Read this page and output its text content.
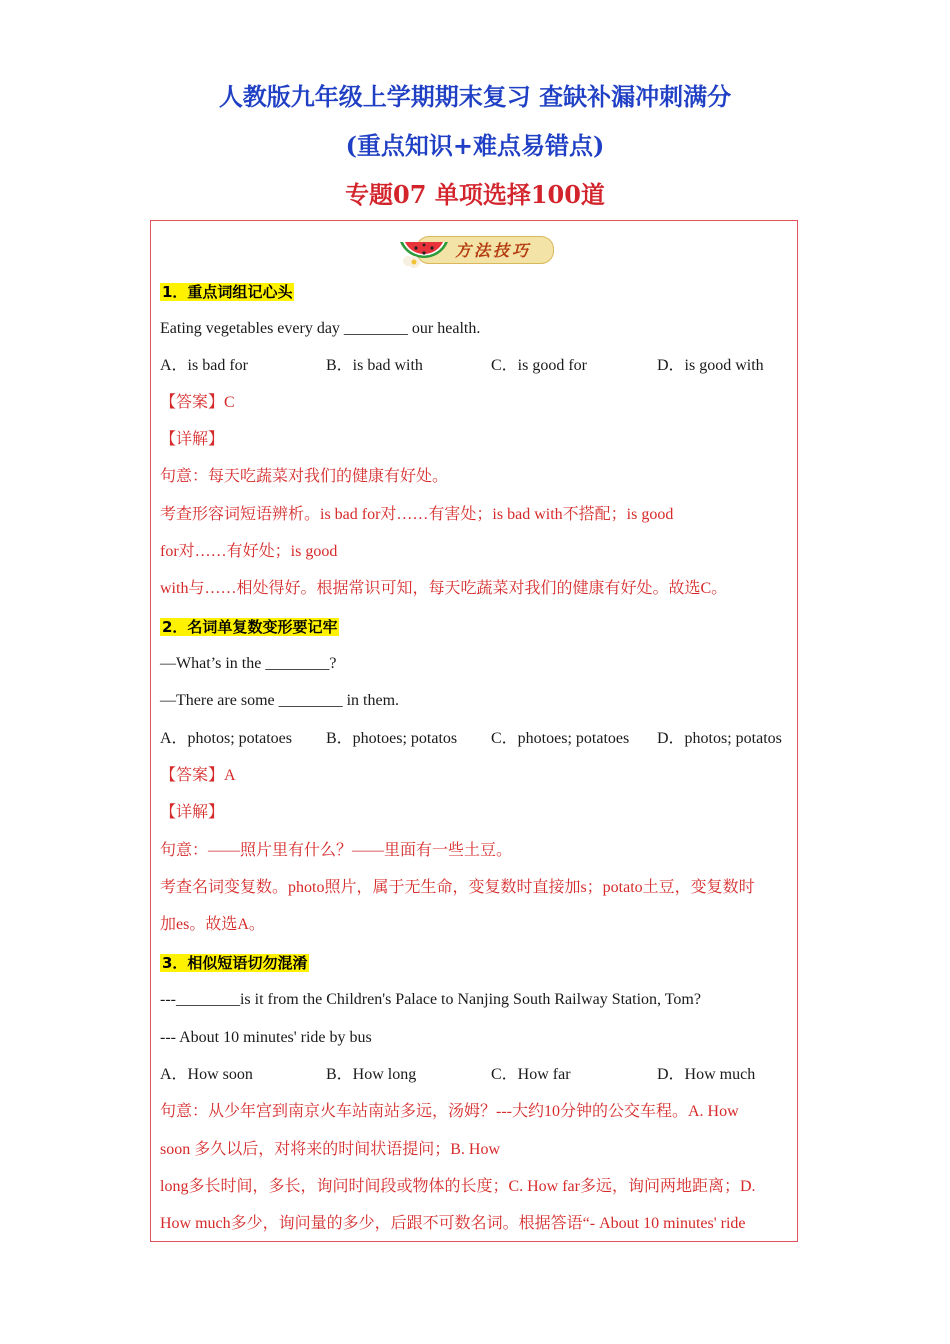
人教版九年级上学期期末复习 查缺补漏冲刺满分
(重点知识+难点易错点)
专题07 单项选择100道
方法技巧
1．重点词组记心头
Eating vegetables every day ________ our health.
A．is bad for	B．is bad with	C．is good for	D．is good with
【答案】C
【详解】
句意：每天吃蔬菜对我们的健康有好处。
考查形容词短语辨析。is bad for对……有害处；is bad with不搭配；is good
for对……有好处；is good
with与……相处得好。根据常识可知，每天吃蔬菜对我们的健康有好处。故选C。
2．名词单复数变形要记牢
—What’s in the ________?
—There are some ________ in them.
A．photos; potatoes B．photoes; potatos C．photoes; potatoes D．photos; potatos
【答案】A
【详解】
句意：——照片里有什么？——里面有一些土豆。
考查名词变复数。photo照片，属于无生命，变复数时直接加s；potato土豆，变复数时
加es。故选A。
3．相似短语切勿混淆
---________is it from the Children's Palace to Nanjing South Railway Station, Tom?
--- About 10 minutes' ride by bus
A．How soon	B．How long	C．How far	D．How much
句意：从少年宫到南京火车站南站多远，汤姆？---大约10分钟的公交车程。A. How
soon 多久以后，对将来的时间状语提问；B. How
long多长时间，多长，询问时间段或物体的长度；C. How far多远，询问两地距离；D.
How much多少，询问量的多少，后跟不可数名词。根据答语“- About 10 minutes' ride
